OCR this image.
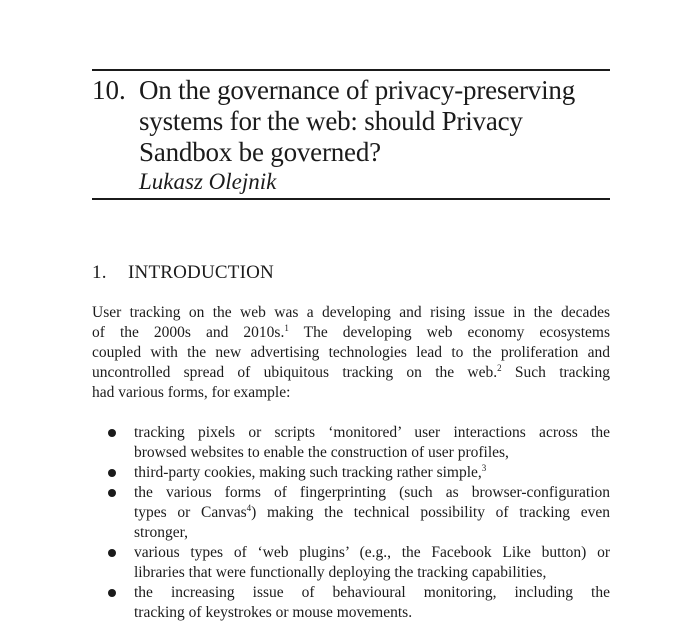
10. On the governance of privacy-preserving
systems for the web: should Privacy
Sandbox be governed?
Lukasz Olejnik
1. INTRODUCTION
User tracking on the web was a developing and rising issue in the decades
of the 2000s and 2010s.$^1$ The developing web economy ecosystems
coupled with the new advertising technologies lead to the proliferation and
uncontrolled spread of ubiquitous tracking on the web.$^2$ Such tracking
had various forms, for example:
tracking pixels or scripts ‘monitored’ user interactions across the
browsed websites to enable the construction of user profiles,
third-party cookies, making such tracking rather simple,$^3$
the various forms of fingerprinting (such as browser-configuration
types or Canvas$^4$) making the technical possibility of tracking even
stronger,
various types of ‘web plugins’ (e.g., the Facebook Like button) or
libraries that were functionally deploying the tracking capabilities,
the increasing issue of behavioural monitoring, including the
tracking of keystrokes or mouse movements.
